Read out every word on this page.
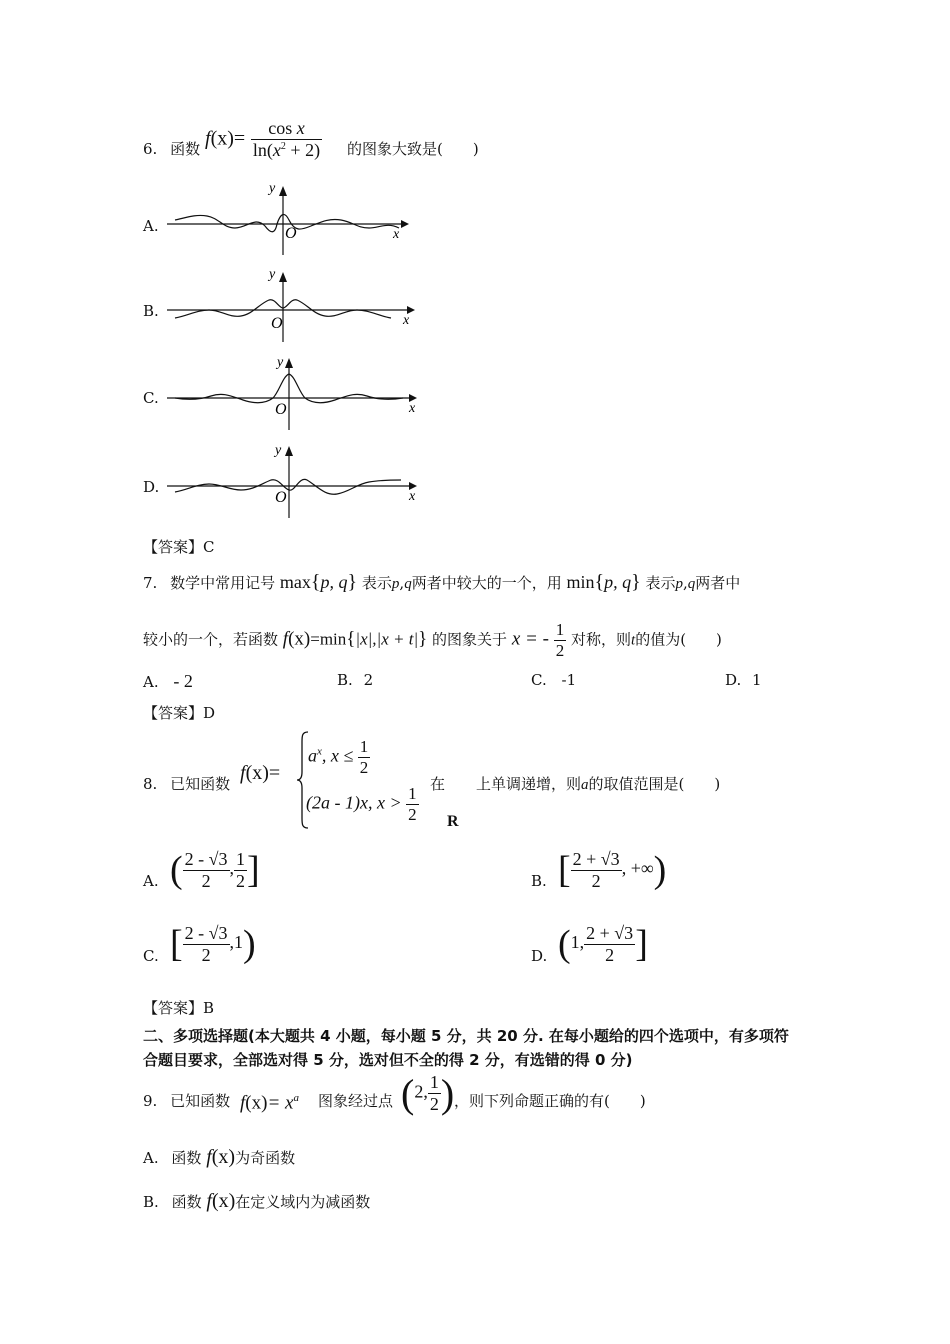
6. 函数 $f(x)= \frac{\text{cos x}}{\ln(x^2 + 2)}$ 的图象大致是(　　)
A.
y
O	x
B.
y
O	x
C.
y
O	x
D.
y
O	x
【答案】C
7. 数学中常用记号 max{p, q} 表示p,q两者中较大的一个，用 min{p, q} 表示p,q两者中
较小的一个，若函数 f(x)=min{|x|,|x + t|} 的图象关于 x = - $\frac{1}{2}$ 对称，则t的值为(　　)
A. - 2	B. 2	C. -1	D. 1
【答案】D
8. 已知函数 f(x)=
$a^x$, $x \le \frac{1}{2}$
(2a - 1)x, $x > \frac{1}{2}$ 在
R
上单调递增，则a的取值范围是(　　)
A. ( $\frac{2 - √3}{2}$ , $\frac{1}{2}$ ]	B. [ $\frac{2 + √3}{2}$ , +∞)
C. [ $\frac{2 - √3}{2} ,1$)	D. (1, $\frac{2 + √3}{2}$ ]
【答案】B
二、多项选择题(本大题共 4 小题，每小题 5 分，共 20 分. 在每小题给的四个选项中，有多项符
合题目要求，全部选对得 5 分，选对但不全的得 2 分，有选错的得 0 分)
9. 已知函数 $f(x)= x^a$ 图象经过点 (2, $\frac{1}{2}$ ) ，则下列命题正确的有(　　)
A. 函数 f(x)为奇函数
B. 函数 f(x)在定义域内为减函数
